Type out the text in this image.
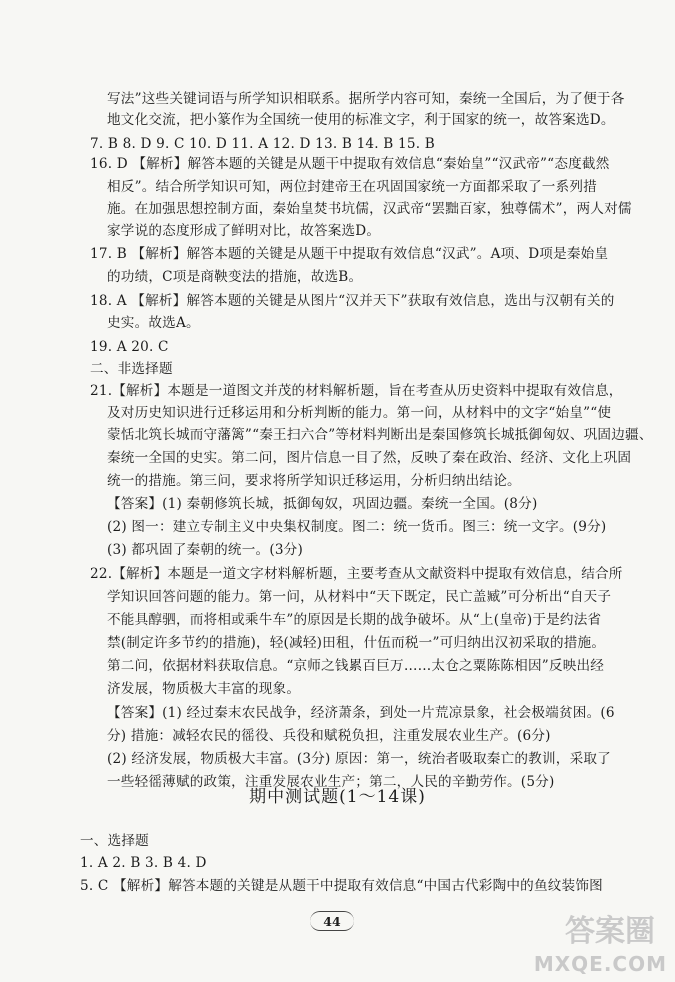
写法”这些关键词语与所学知识相联系。据所学内容可知，秦统一全国后，为了便于各
地文化交流，把小篆作为全国统一使用的标准文字，利于国家的统一，故答案选D。
7. B 8. D 9. C 10. D 11. A 12. D 13. B 14. B 15. B
16. D 【解析】解答本题的关键是从题干中提取有效信息“秦始皇”“汉武帝”“态度截然
相反”。结合所学知识可知，两位封建帝王在巩固国家统一方面都采取了一系列措
施。在加强思想控制方面，秦始皇焚书坑儒，汉武帝“罢黜百家，独尊儒术”，两人对儒
家学说的态度形成了鲜明对比，故答案选D。
17. B 【解析】解答本题的关键是从题干中提取有效信息“汉武”。A项、D项是秦始皇
的功绩，C项是商鞅变法的措施，故选B。
18. A 【解析】解答本题的关键是从图片“汉并天下”获取有效信息，选出与汉朝有关的
史实。故选A。
19. A 20. C
二、非选择题
21.【解析】本题是一道图文并茂的材料解析题，旨在考查从历史资料中提取有效信息，
及对历史知识进行迁移运用和分析判断的能力。第一问，从材料中的文字“始皇”“使
蒙恬北筑长城而守藩篱”“秦王扫六合”等材料判断出是秦国修筑长城抵御匈奴、巩固边疆、
秦统一全国的史实。第二问，图片信息一目了然，反映了秦在政治、经济、文化上巩固
统一的措施。第三问，要求将所学知识迁移运用，分析归纳出结论。
【答案】(1) 秦朝修筑长城，抵御匈奴，巩固边疆。秦统一全国。(8分)
(2) 图一：建立专制主义中央集权制度。图二：统一货币。图三：统一文字。(9分)
(3) 都巩固了秦朝的统一。(3分)
22.【解析】本题是一道文字材料解析题，主要考查从文献资料中提取有效信息，结合所
学知识回答问题的能力。第一问，从材料中“天下既定，民亡盖臧”可分析出“自天子
不能具醇驷，而将相或乘牛车”的原因是长期的战争破坏。从“上(皇帝)于是约法省
禁(制定许多节约的措施)，轻(减轻)田租，什伍而税一”可归纳出汉初采取的措施。
第二问，依据材料获取信息。“京师之钱累百巨万……太仓之粟陈陈相因”反映出经
济发展，物质极大丰富的现象。
【答案】(1) 经过秦末农民战争，经济萧条，到处一片荒凉景象，社会极端贫困。(6
分) 措施：减轻农民的徭役、兵役和赋税负担，注重发展农业生产。(6分)
(2) 经济发展，物质极大丰富。(3分) 原因：第一，统治者吸取秦亡的教训，采取了
一些轻徭薄赋的政策，注重发展农业生产；第二，人民的辛勤劳作。(5分)
期中测试题(1～14课)
一、选择题
1. A 2. B 3. B 4. D
5. C 【解析】解答本题的关键是从题干中提取有效信息“中国古代彩陶中的鱼纹装饰图
44	答案圈
MXQE.COM
